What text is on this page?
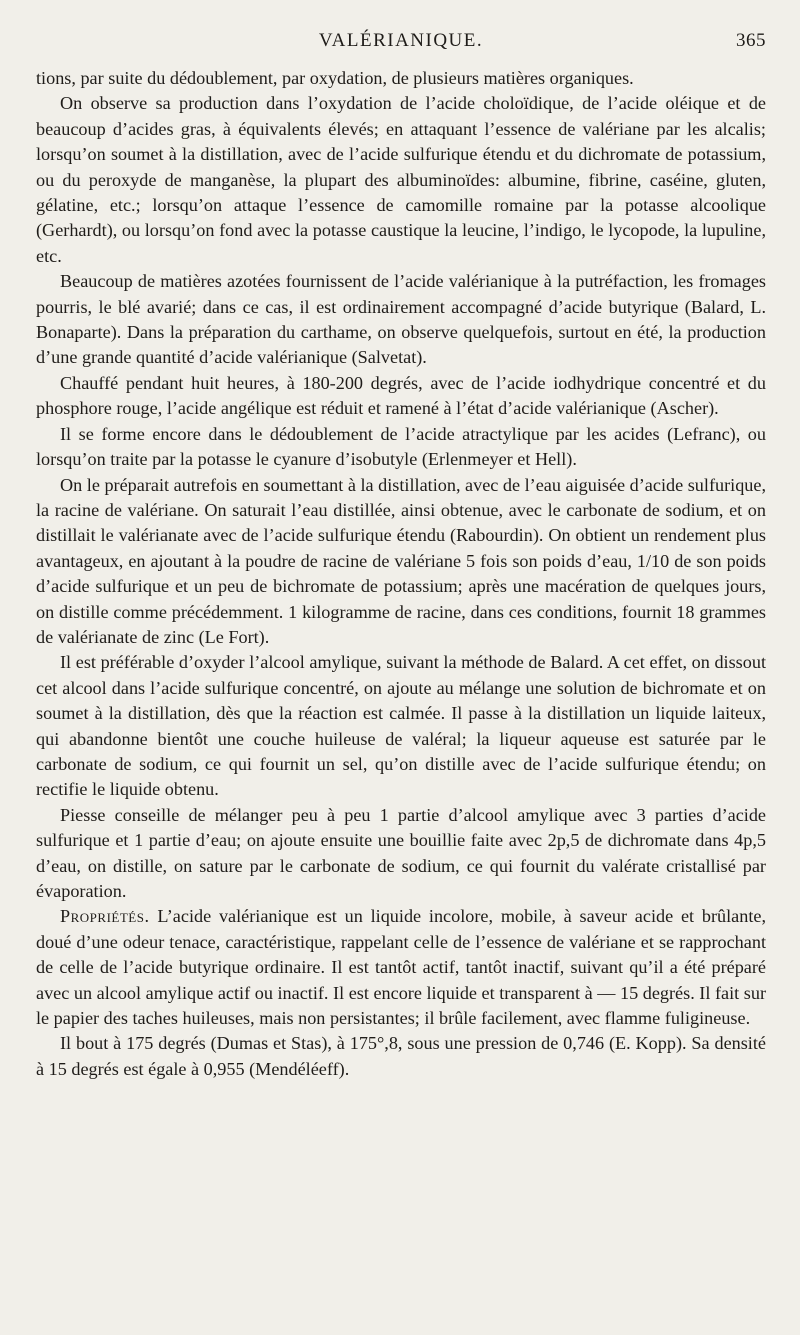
VALÉRIANIQUE.	365

tions, par suite du dédoublement, par oxydation, de plusieurs matières organiques.

On observe sa production dans l’oxydation de l’acide choloïdique, de l’acide oléique et de beaucoup d’acides gras, à équivalents élevés; en attaquant l’essence de valériane par les alcalis; lorsqu’on soumet à la distillation, avec de l’acide sulfurique étendu et du dichromate de potassium, ou du peroxyde de manganèse, la plupart des albuminoïdes: albumine, fibrine, caséine, gluten, gélatine, etc.; lorsqu’on attaque l’essence de camomille romaine par la potasse alcoolique (Gerhardt), ou lorsqu’on fond avec la potasse caustique la leucine, l’indigo, le lycopode, la lupuline, etc.

Beaucoup de matières azotées fournissent de l’acide valérianique à la putréfaction, les fromages pourris, le blé avarié; dans ce cas, il est ordinairement accompagné d’acide butyrique (Balard, L. Bonaparte). Dans la préparation du carthame, on observe quelquefois, surtout en été, la production d’une grande quantité d’acide valérianique (Salvetat).

Chauffé pendant huit heures, à 180-200 degrés, avec de l’acide iodhydrique concentré et du phosphore rouge, l’acide angélique est réduit et ramené à l’état d’acide valérianique (Ascher).

Il se forme encore dans le dédoublement de l’acide atractylique par les acides (Lefranc), ou lorsqu’on traite par la potasse le cyanure d’isobutyle (Erlenmeyer et Hell).

On le préparait autrefois en soumettant à la distillation, avec de l’eau aiguisée d’acide sulfurique, la racine de valériane. On saturait l’eau distillée, ainsi obtenue, avec le carbonate de sodium, et on distillait le valérianate avec de l’acide sulfurique étendu (Rabourdin). On obtient un rendement plus avantageux, en ajoutant à la poudre de racine de valériane 5 fois son poids d’eau, 1/10 de son poids d’acide sulfurique et un peu de bichromate de potassium; après une macération de quelques jours, on distille comme précédemment. 1 kilogramme de racine, dans ces conditions, fournit 18 grammes de valérianate de zinc (Le Fort).

Il est préférable d’oxyder l’alcool amylique, suivant la méthode de Balard. A cet effet, on dissout cet alcool dans l’acide sulfurique concentré, on ajoute au mélange une solution de bichromate et on soumet à la distillation, dès que la réaction est calmée. Il passe à la distillation un liquide laiteux, qui abandonne bientôt une couche huileuse de valéral; la liqueur aqueuse est saturée par le carbonate de sodium, ce qui fournit un sel, qu’on distille avec de l’acide sulfurique étendu; on rectifie le liquide obtenu.

Piesse conseille de mélanger peu à peu 1 partie d’alcool amylique avec 3 parties d’acide sulfurique et 1 partie d’eau; on ajoute ensuite une bouillie faite avec 2p,5 de dichromate dans 4p,5 d’eau, on distille, on sature par le carbonate de sodium, ce qui fournit du valérate cristallisé par évaporation.

Propriétés. L’acide valérianique est un liquide incolore, mobile, à saveur acide et brûlante, doué d’une odeur tenace, caractéristique, rappelant celle de l’essence de valériane et se rapprochant de celle de l’acide butyrique ordinaire. Il est tantôt actif, tantôt inactif, suivant qu’il a été préparé avec un alcool amylique actif ou inactif. Il est encore liquide et transparent à — 15 degrés. Il fait sur le papier des taches huileuses, mais non persistantes; il brûle facilement, avec flamme fuligineuse.

Il bout à 175 degrés (Dumas et Stas), à 175°,8, sous une pression de 0,746 (E. Kopp). Sa densité à 15 degrés est égale à 0,955 (Mendéléeff).
